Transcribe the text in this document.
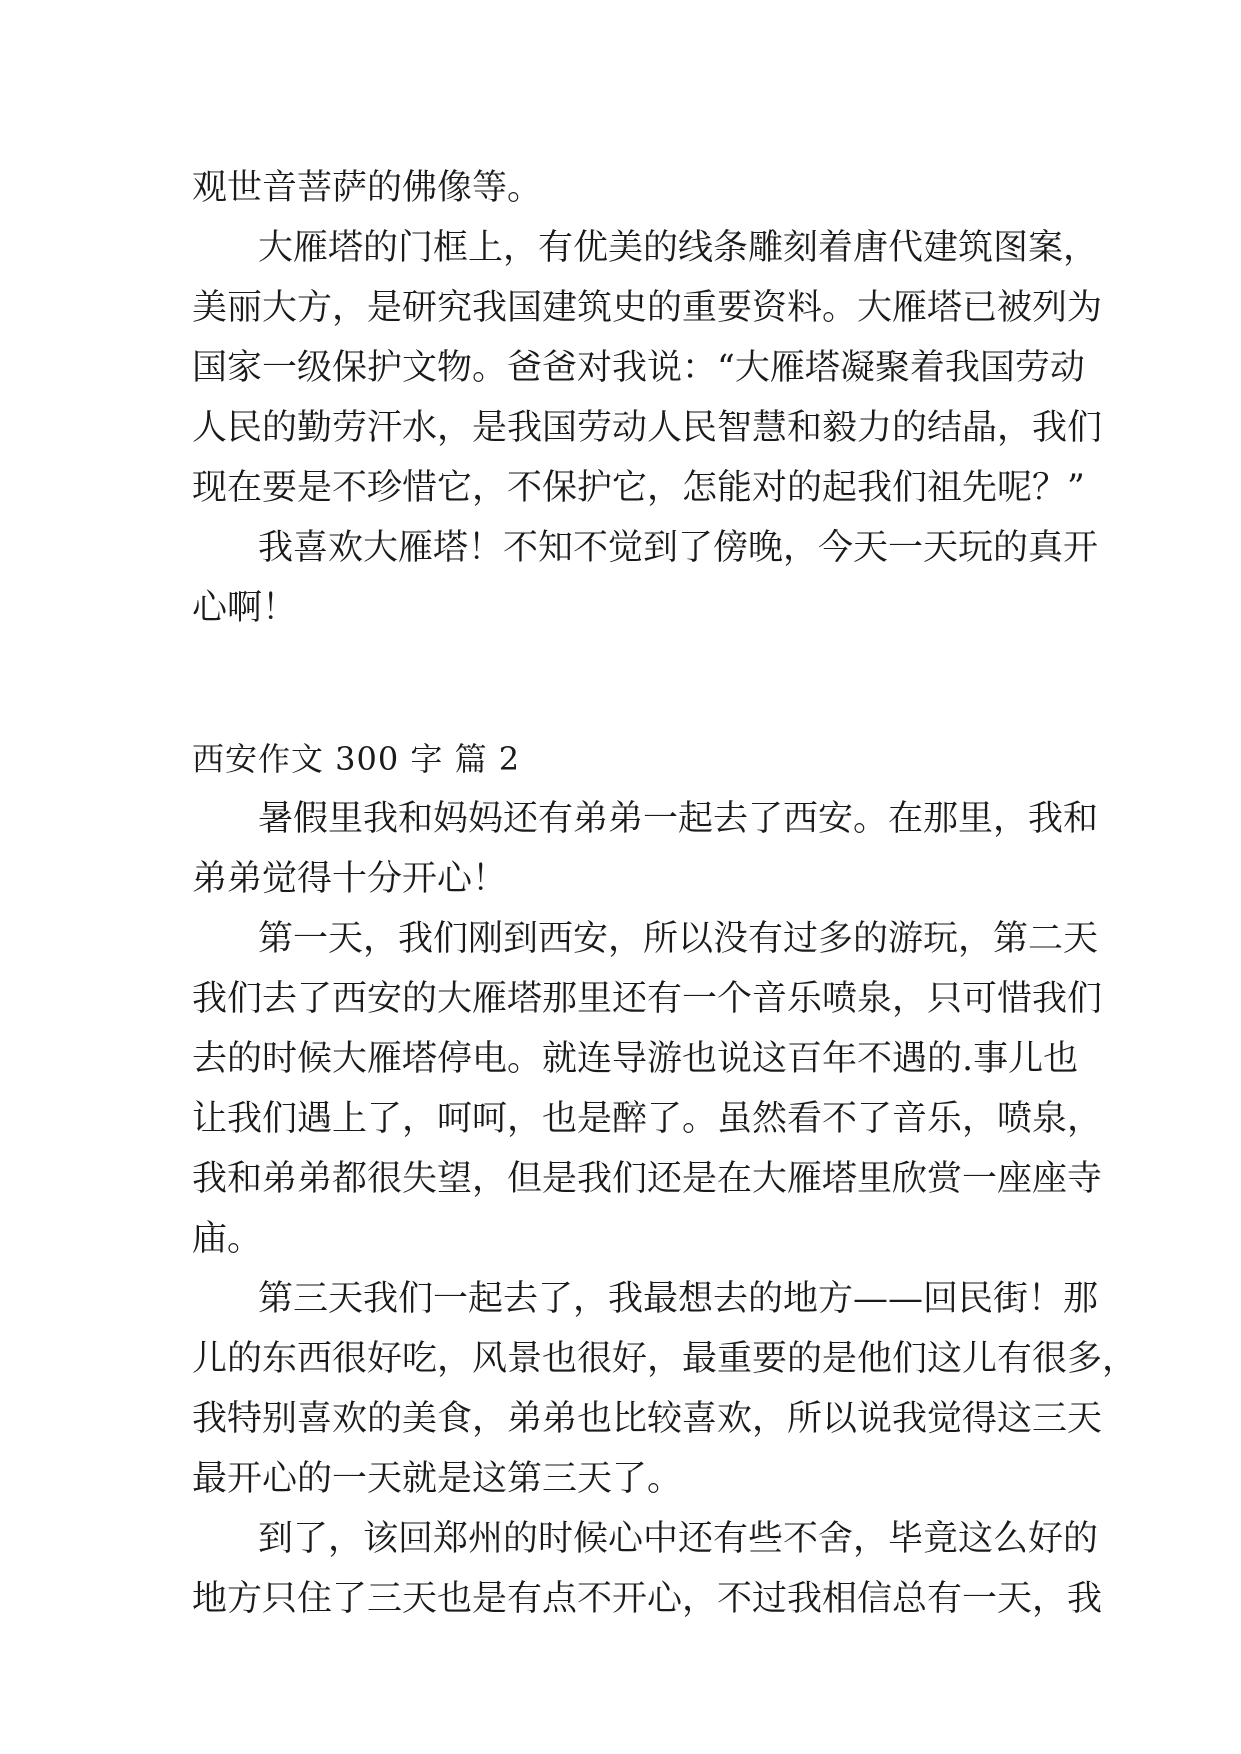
观世音菩萨的佛像等。
大雁塔的门框上，有优美的线条雕刻着唐代建筑图案，
美丽大方，是研究我国建筑史的重要资料。大雁塔已被列为
国家一级保护文物。爸爸对我说：“大雁塔凝聚着我国劳动
人民的勤劳汗水，是我国劳动人民智慧和毅力的结晶，我们
现在要是不珍惜它，不保护它，怎能对的起我们祖先呢？”
我喜欢大雁塔！不知不觉到了傍晚，今天一天玩的真开
心啊！
西安作文 300 字 篇 2
暑假里我和妈妈还有弟弟一起去了西安。在那里，我和
弟弟觉得十分开心！
第一天，我们刚到西安，所以没有过多的游玩，第二天
我们去了西安的大雁塔那里还有一个音乐喷泉，只可惜我们
去的时候大雁塔停电。就连导游也说这百年不遇的.事儿也
让我们遇上了，呵呵，也是醉了。虽然看不了音乐，喷泉，
我和弟弟都很失望，但是我们还是在大雁塔里欣赏一座座寺
庙。
第三天我们一起去了，我最想去的地方——回民街！那
儿的东西很好吃，风景也很好，最重要的是他们这儿有很多，
我特别喜欢的美食，弟弟也比较喜欢，所以说我觉得这三天
最开心的一天就是这第三天了。
到了，该回郑州的时候心中还有些不舍，毕竟这么好的
地方只住了三天也是有点不开心，不过我相信总有一天，我
